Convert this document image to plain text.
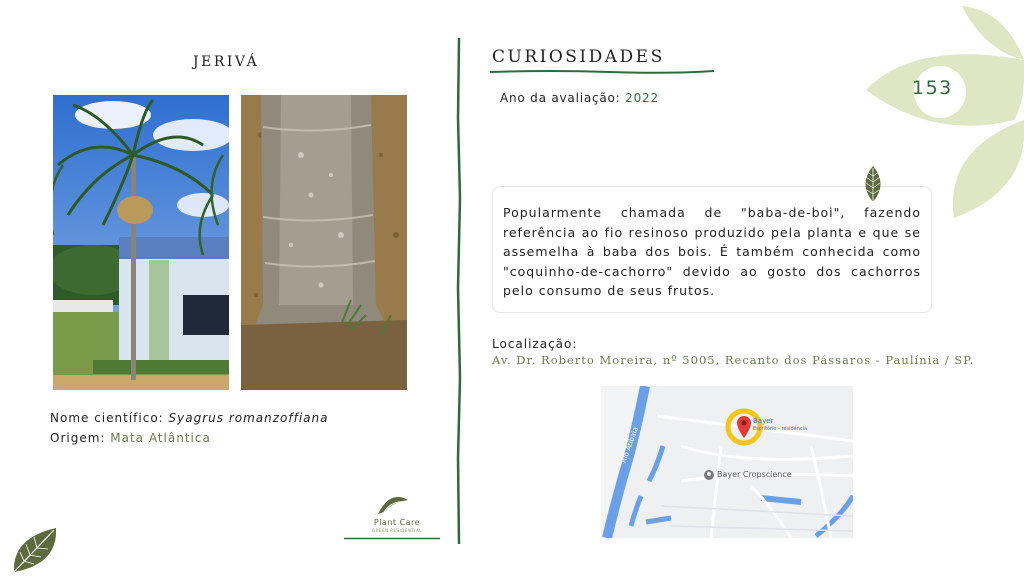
JERIVÁ
Nome científico: Syagrus romanzoffiana
Origem: Mata Atlântica
Plant Care
GREEN RESIDENTIAL
CURIOSIDADES
Ano da avaliação: 2022	153
Popularmente chamada de "baba-de-boi", fazendo referência ao fio resinoso produzido pela planta e que se assemelha à baba dos bois. É também conhecida como "coquinho-de-cachorro" devido ao gosto dos cachorros pelo consumo de seus frutos.
Localização:
Av. Dr. Roberto Moreira, nº 5005, Recanto dos Pássaros - Paulínia / SP.
Bayer
Escritório - residência
Bayer Cropscience
Rio Atibaia
